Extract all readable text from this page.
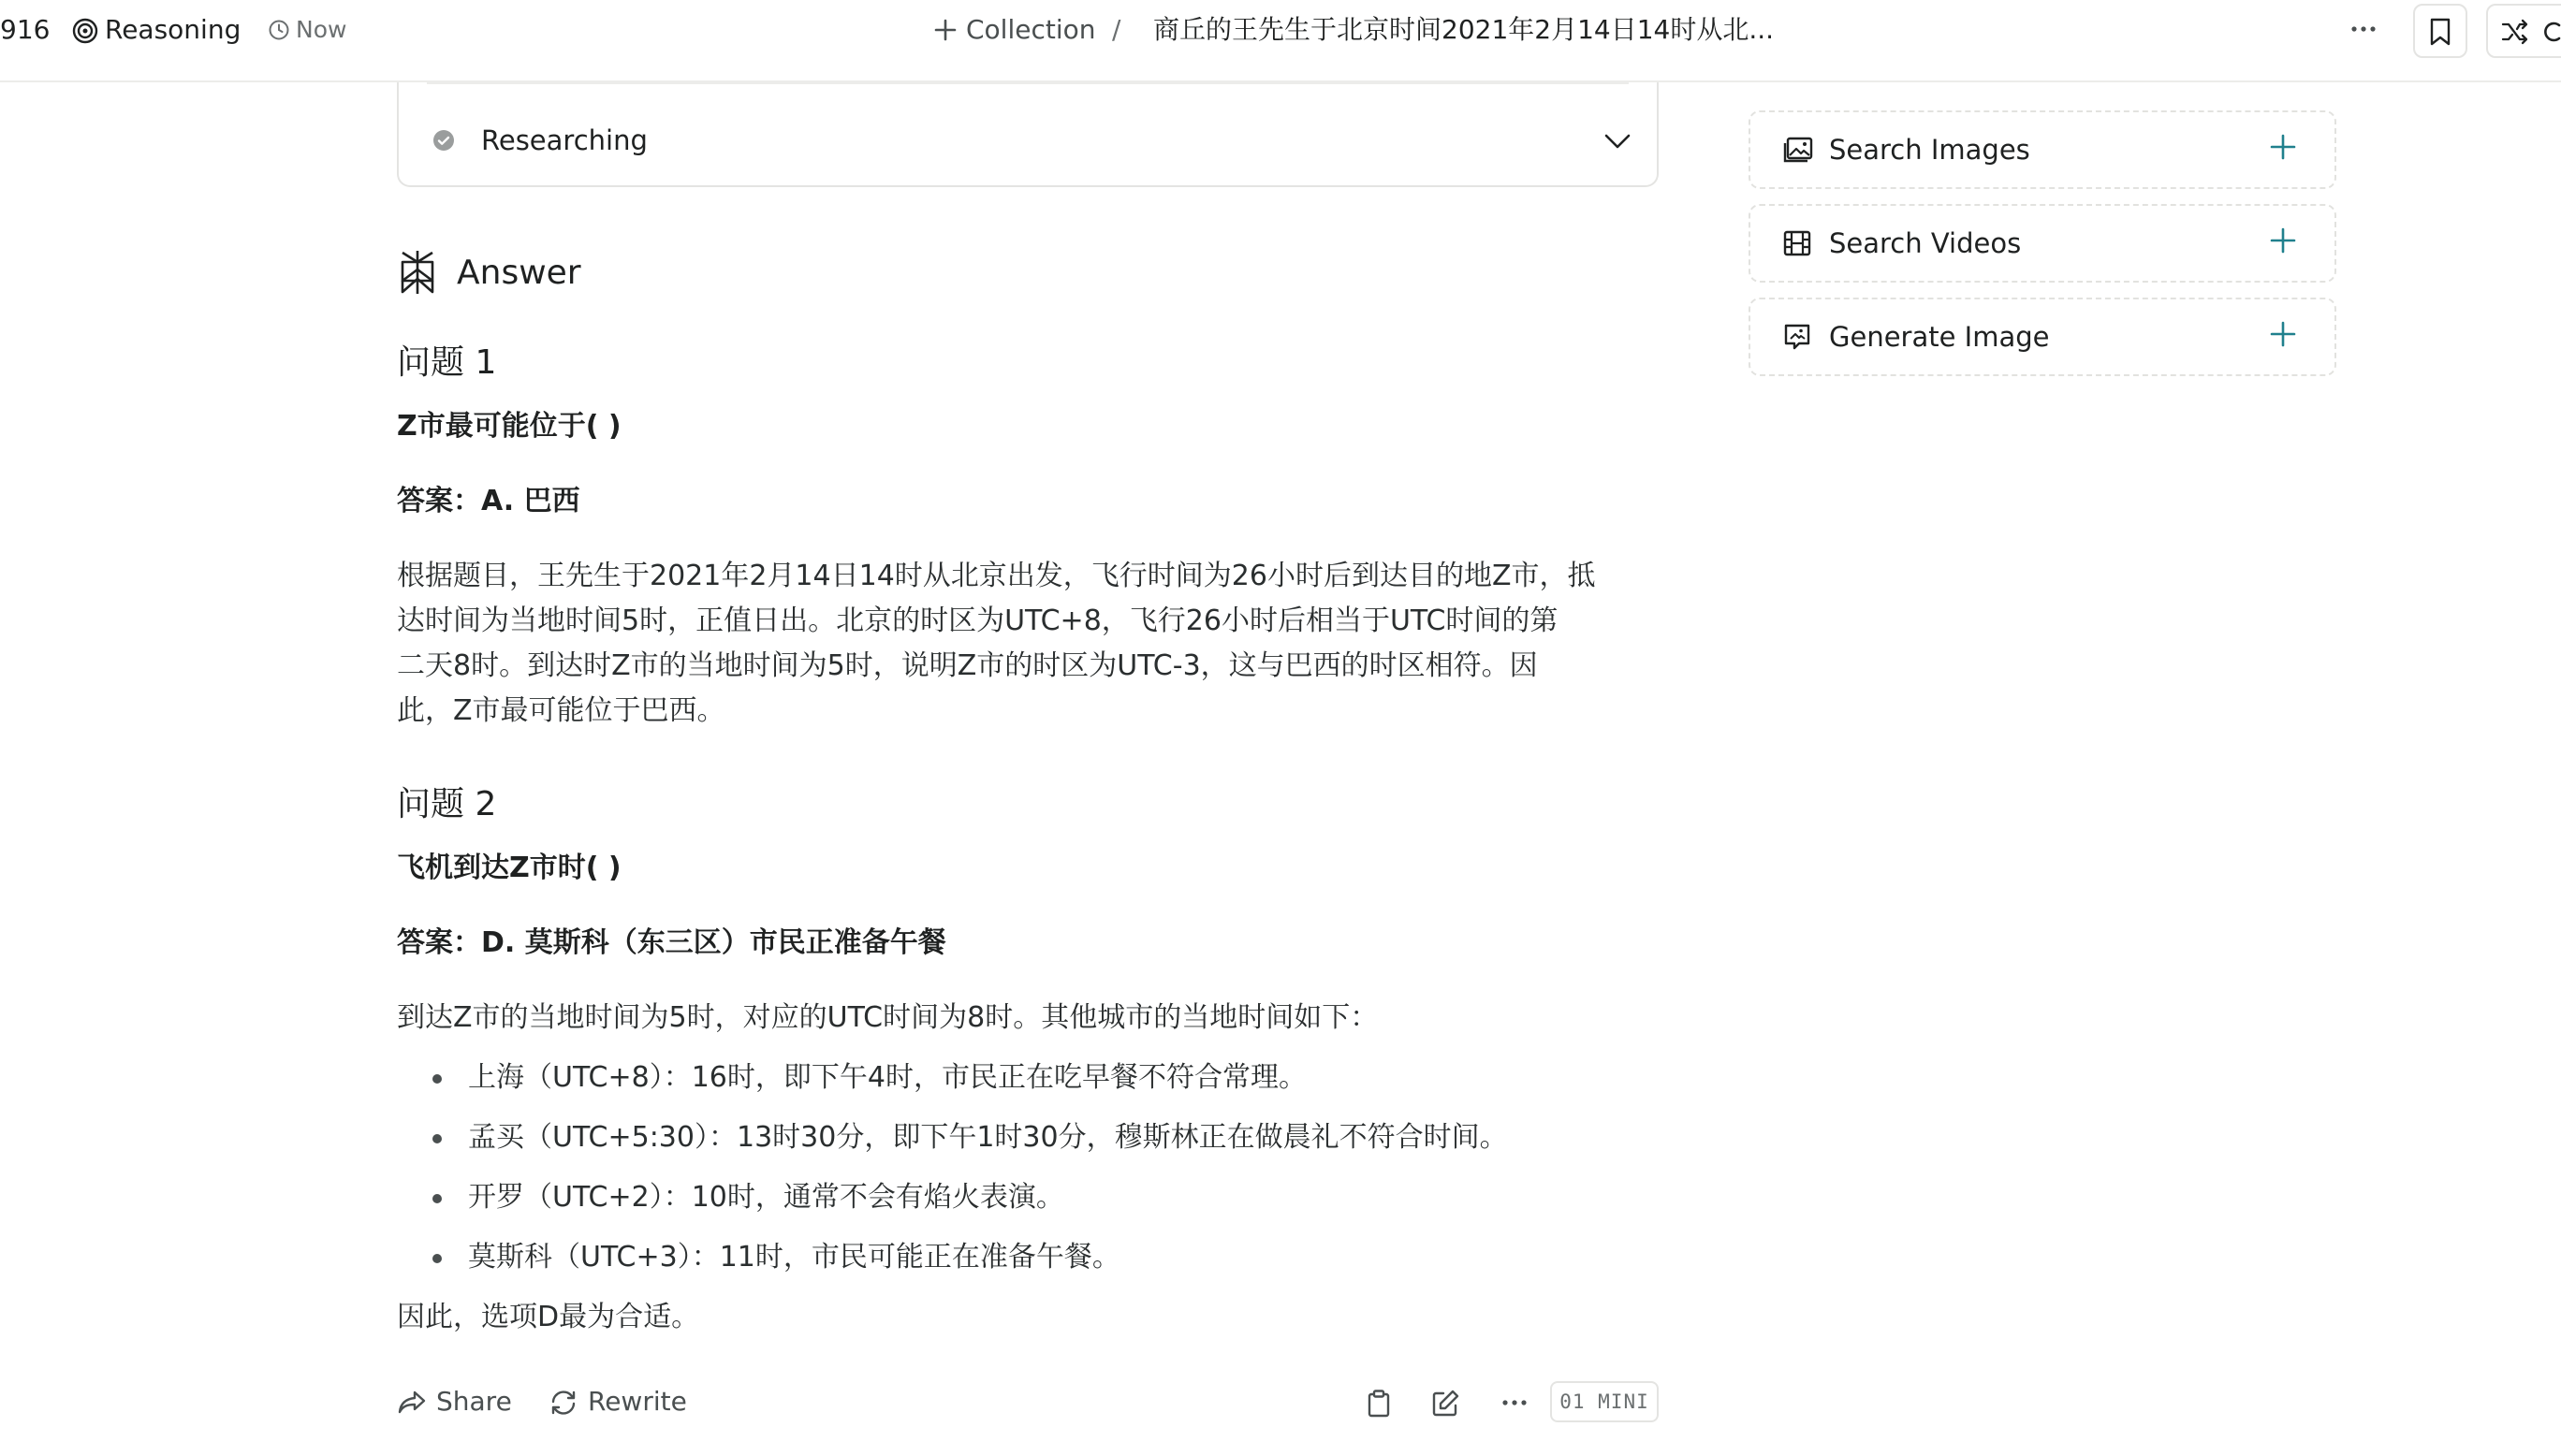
916 Reasoning Now	Collection / 商丘的王先生于北京时间2021年2月14日14时从北...
Researching
Answer
问题 1
Z市最可能位于( )
答案：A. 巴西
根据题目，王先生于2021年2月14日14时从北京出发，飞行时间为26小时后到达目的地Z市，抵
达时间为当地时间5时，正值日出。北京的时区为UTC+8，飞行26小时后相当于UTC时间的第
二天8时。到达时Z市的当地时间为5时，说明Z市的时区为UTC-3，这与巴西的时区相符。因
此，Z市最可能位于巴西。
问题 2
飞机到达Z市时( )
答案：D. 莫斯科（东三区）市民正准备午餐
到达Z市的当地时间为5时，对应的UTC时间为8时。其他城市的当地时间如下：
上海（UTC+8）：16时，即下午4时，市民正在吃早餐不符合常理。
孟买（UTC+5:30）：13时30分，即下午1时30分，穆斯林正在做晨礼不符合时间。
开罗（UTC+2）：10时，通常不会有焰火表演。
莫斯科（UTC+3）：11时，市民可能正在准备午餐。
因此，选项D最为合适。
Share	Rewrite	01 MINI
Search Images
Search Videos
Generate Image
